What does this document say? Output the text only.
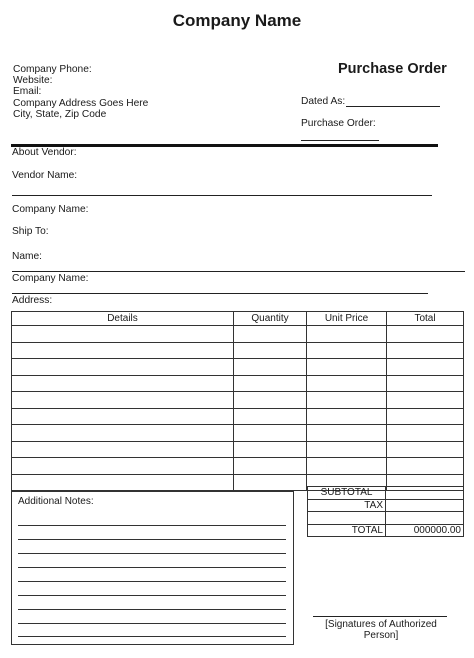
Company Name
Company Phone:
Website:
Email:
Company Address Goes Here
City, State, Zip Code
Purchase Order
Dated As:
Purchase Order:
About Vendor:
Vendor Name:
Company Name:
Ship To:
Name:
Company Name:
Address:
Details	Quantity	Unit Price	Total

Additional Notes:
SUBTOTAL	
TAX	

TOTAL	000000.00
[Signatures of Authorized Person]
